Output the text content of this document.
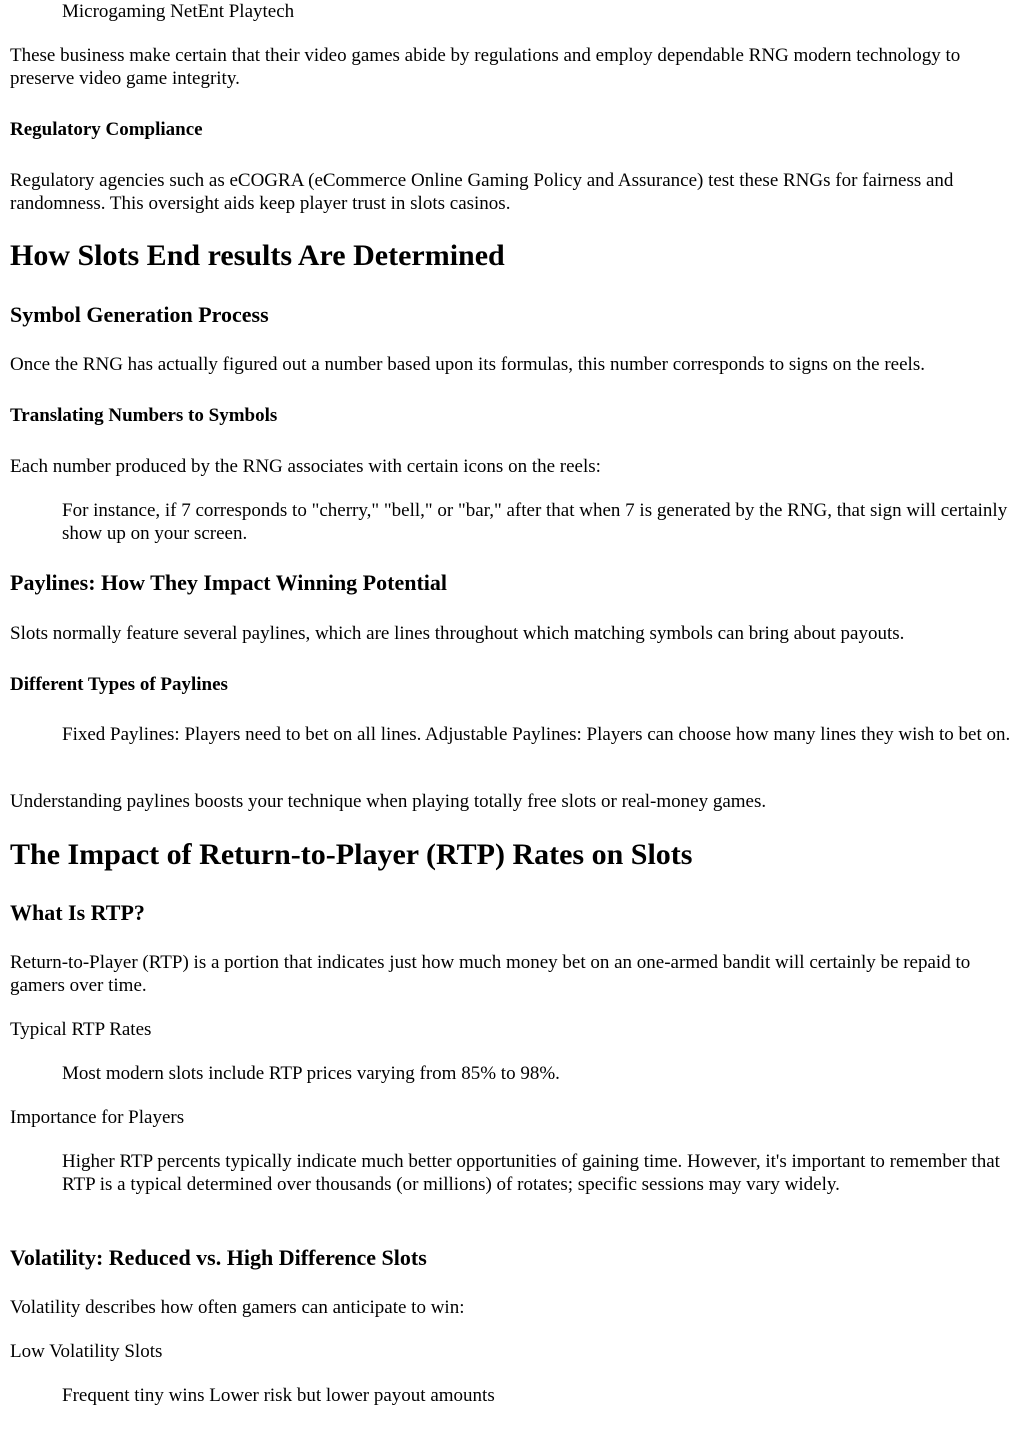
Microgaming NetEnt Playtech

These business make certain that their video games abide by regulations and employ dependable RNG modern technology to preserve video game integrity.

Regulatory Compliance

Regulatory agencies such as eCOGRA (eCommerce Online Gaming Policy and Assurance) test these RNGs for fairness and randomness. This oversight aids keep player trust in slots casinos.

How Slots End results Are Determined
Symbol Generation Process

Once the RNG has actually figured out a number based upon its formulas, this number corresponds to signs on the reels.

Translating Numbers to Symbols

Each number produced by the RNG associates with certain icons on the reels:

For instance, if 7 corresponds to "cherry," "bell," or "bar," after that when 7 is generated by the RNG, that sign will certainly show up on your screen.

Paylines: How They Impact Winning Potential

Slots normally feature several paylines, which are lines throughout which matching symbols can bring about payouts.

Different Types of Paylines

Fixed Paylines: Players need to bet on all lines. Adjustable Paylines: Players can choose how many lines they wish to bet on.

Understanding paylines boosts your technique when playing totally free slots or real-money games.

The Impact of Return-to-Player (RTP) Rates on Slots
What Is RTP?

Return-to-Player (RTP) is a portion that indicates just how much money bet on an one-armed bandit will certainly be repaid to gamers over time.

Typical RTP Rates

Most modern slots include RTP prices varying from 85% to 98%.

Importance for Players

Higher RTP percents typically indicate much better opportunities of gaining time. However, it's important to remember that RTP is a typical determined over thousands (or millions) of rotates; specific sessions may vary widely.

Volatility: Reduced vs. High Difference Slots

Volatility describes how often gamers can anticipate to win:

Low Volatility Slots

Frequent tiny wins Lower risk but lower payout amounts
